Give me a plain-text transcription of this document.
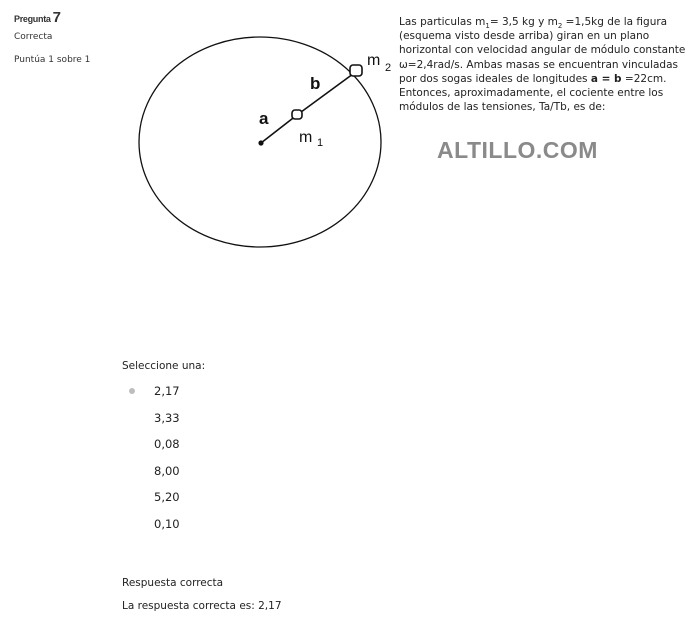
Pregunta 7
Correcta
Puntúa 1 sobre 1
a
b
m 1
m 2
Las particulas $m_1= 3,5$ kg y $m_2 =1,5kg$ de la figura (esquema visto desde arriba) giran en un plano horizontal con velocidad angular de módulo constante ω=2,4rad/s. Ambas masas se encuentran vinculadas por dos sogas ideales de longitudes a = b =22cm. Entonces, aproximadamente, el cociente entre los módulos de las tensiones, Ta/Tb, es de:
ALTILLO.COM
Seleccione una:
2,17
3,33
0,08
8,00
5,20
0,10
Respuesta correcta
La respuesta correcta es: 2,17
